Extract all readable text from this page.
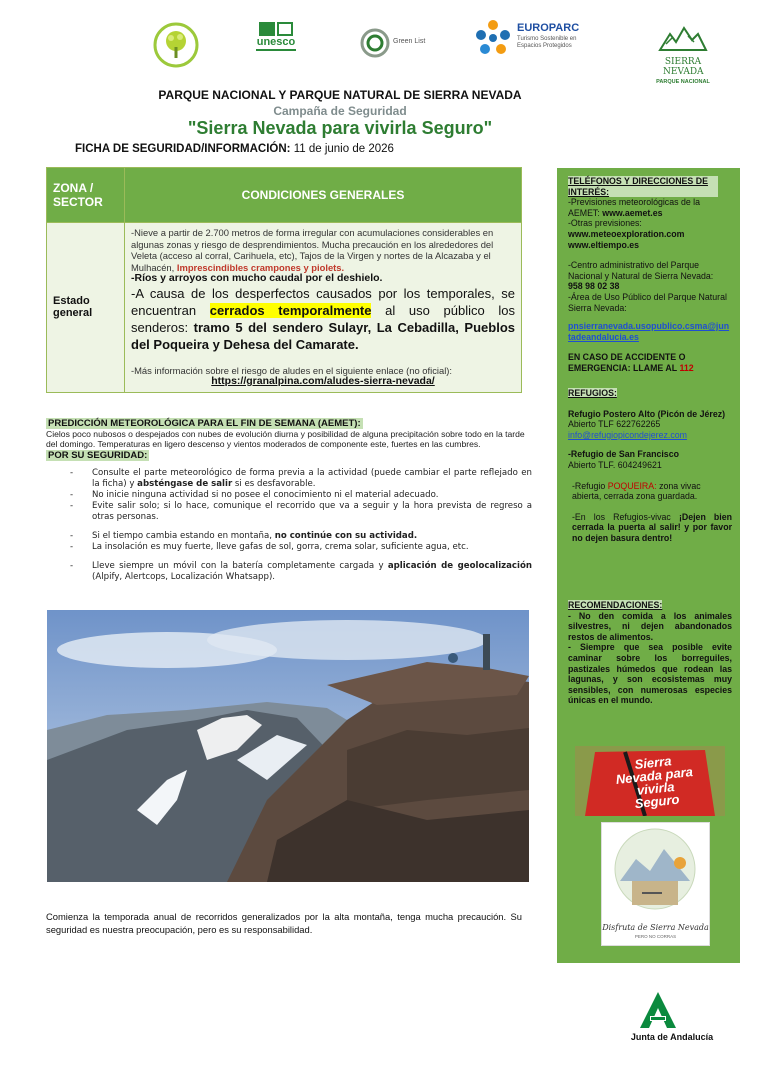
unesco	Green List
EUROPARC
Turismo Sostenible en Espacios Protegidos
SIERRA NEVADA
PARQUE NACIONAL
PARQUE NACIONAL Y PARQUE NATURAL DE SIERRA NEVADA
Campaña de Seguridad
"Sierra Nevada para vivirla Seguro"
FICHA DE SEGURIDAD/INFORMACIÓN: 11 de junio de 2026
ZONA / SECTOR	CONDICIONES GENERALES
Estado general	-Nieve a partir de 2.700 metros de forma irregular con acumulaciones considerables en algunas zonas y riesgo de desprendimientos. Mucha precaución en los alrededores del Veleta (acceso al corral, Carihuela, etc), Tajos de la Virgen y nortes de la Alcazaba y el Mulhacén, Imprescindibles crampones y piolets.
-Ríos y arroyos con mucho caudal por el deshielo.
-A causa de los desperfectos causados por los temporales, se encuentran cerrados temporalmente al uso público los senderos: tramo 5 del sendero Sulayr, La Cebadilla, Pueblos del Poqueira y Dehesa del Camarate.
-Más información sobre el riesgo de aludes en el siguiente enlace (no oficial):
https://granalpina.com/aludes-sierra-nevada/
PREDICCIÓN METEOROLÓGICA PARA EL FIN DE SEMANA (AEMET):
Cielos poco nubosos o despejados con nubes de evolución diurna y posibilidad de alguna precipitación sobre todo en la tarde del domingo. Temperaturas en ligero descenso y vientos moderados de componente este, fuertes en las cumbres.
POR SU SEGURIDAD:
- Consulte el parte meteorológico de forma previa a la actividad (puede cambiar el parte reflejado en la ficha) y absténgase de salir si es desfavorable.
- No inicie ninguna actividad si no posee el conocimiento ni el material adecuado.
- Evite salir solo; si lo hace, comunique el recorrido que va a seguir y la hora prevista de regreso a otras personas.
- Si el tiempo cambia estando en montaña, no continúe con su actividad.
- La insolación es muy fuerte, lleve gafas de sol, gorra, crema solar, suficiente agua, etc.
- Lleve siempre un móvil con la batería completamente cargada y aplicación de geolocalización (Alpify, Alertcops, Localización Whatsapp).
Comienza la temporada anual de recorridos generalizados por la alta montaña, tenga mucha precaución. Su seguridad es nuestra preocupación, pero es su responsabilidad.
TELÉFONOS Y DIRECCIONES DE INTERÉS:
-Previsiones meteorológicas de la AEMET: www.aemet.es
-Otras previsiones:
www.meteoexploration.com
www.eltiempo.es
-Centro administrativo del Parque Nacional y Natural de Sierra Nevada:
958 98 02 38
-Área de Uso Público del Parque Natural Sierra Nevada:
pnsierranevada.usopublico.csma@juntadeandalucia.es
EN CASO DE ACCIDENTE O EMERGENCIA: LLAME AL 112
REFUGIOS:
Refugio Postero Alto (Picón de Jérez)
Abierto TLF 622762265
info@refugiopicondejerez.com
-Refugio de San Francisco
Abierto TLF. 604249621
-Refugio POQUEIRA: zona vivac abierta, cerrada zona guardada.
-En los Refugios-vivac ¡Dejen bien cerrada la puerta al salir! y por favor no dejen basura dentro!
RECOMENDACIONES:
- No den comida a los animales silvestres, ni dejen abandonados restos de alimentos.
- Siempre que sea posible evite caminar sobre los borreguiles, pastizales húmedos que rodean las lagunas, y son ecosistemas muy sensibles, con numerosas especies únicas en el mundo.
Sierra Nevada para vivirla Seguro
Disfruta de Sierra Nevada
PERO NO CORRAS
Junta de Andalucía
